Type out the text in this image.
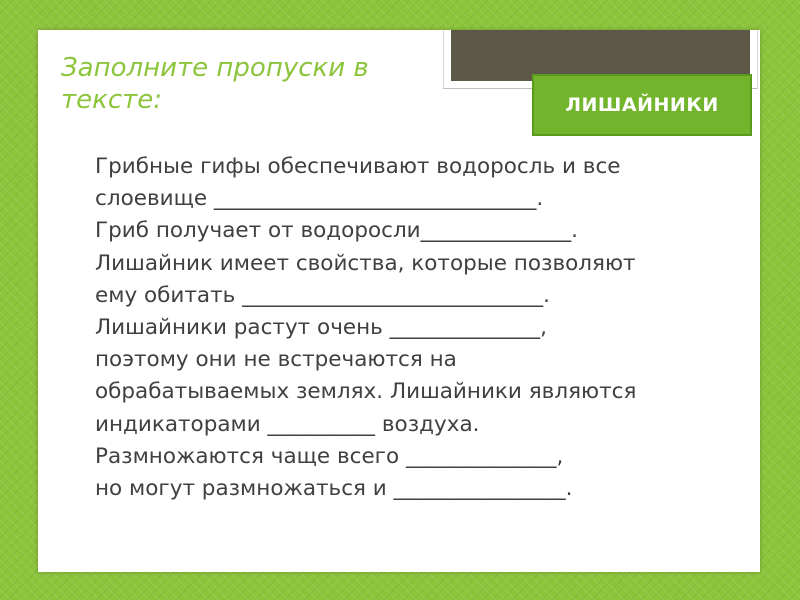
Заполните пропуски в тексте:	ЛИШАЙНИКИ
Грибные гифы обеспечивают водоросль и все
слоевище ______________________________.
Гриб получает от водоросли______________.
Лишайник имеет свойства, которые позволяют
ему обитать ____________________________.
Лишайники растут очень ______________,
поэтому они не встречаются на
обрабатываемых землях. Лишайники являются
индикаторами __________ воздуха.
Размножаются чаще всего ______________,
но могут размножаться и ________________.
